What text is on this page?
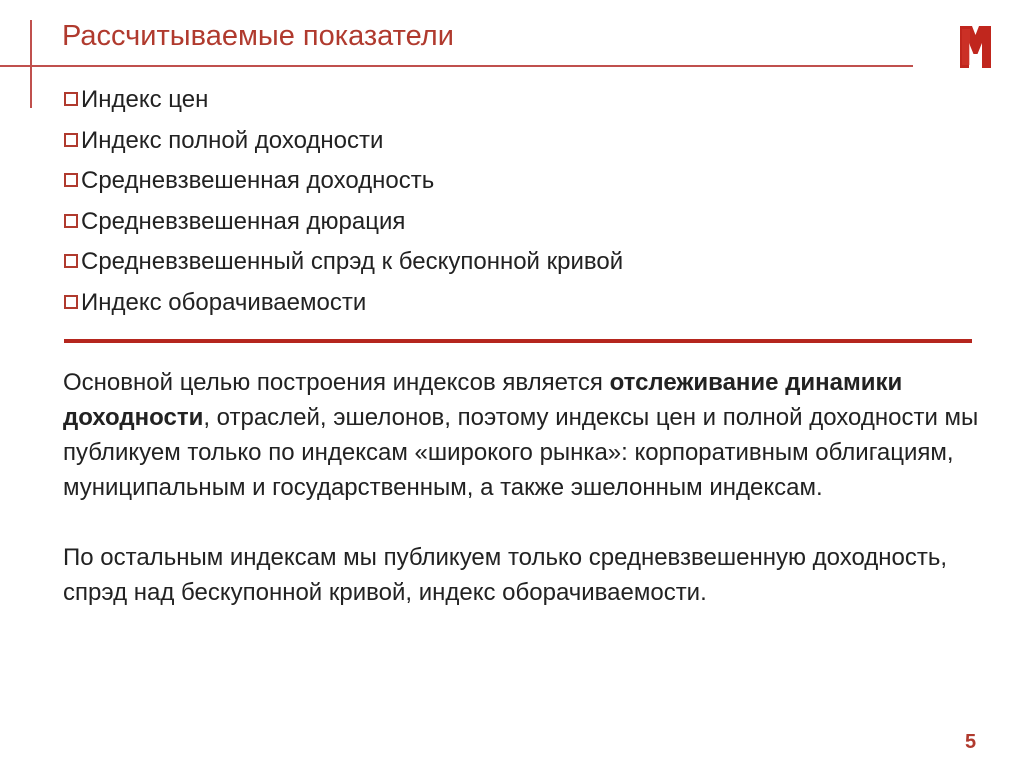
Рассчитываемые показатели
Индекс цен
Индекс полной доходности
Средневзвешенная доходность
Средневзвешенная дюрация
Средневзвешенный спрэд к бескупонной кривой
Индекс оборачиваемости

Основной целью построения индексов является отслеживание динамики доходности, отраслей, эшелонов, поэтому индексы цен и полной доходности мы публикуем только по индексам «широкого рынка»: корпоративным облигациям, муниципальным и государственным, а также эшелонным индексам.

По остальным индексам мы публикуем только средневзвешенную доходность, спрэд над бескупонной кривой, индекс оборачиваемости.

5
